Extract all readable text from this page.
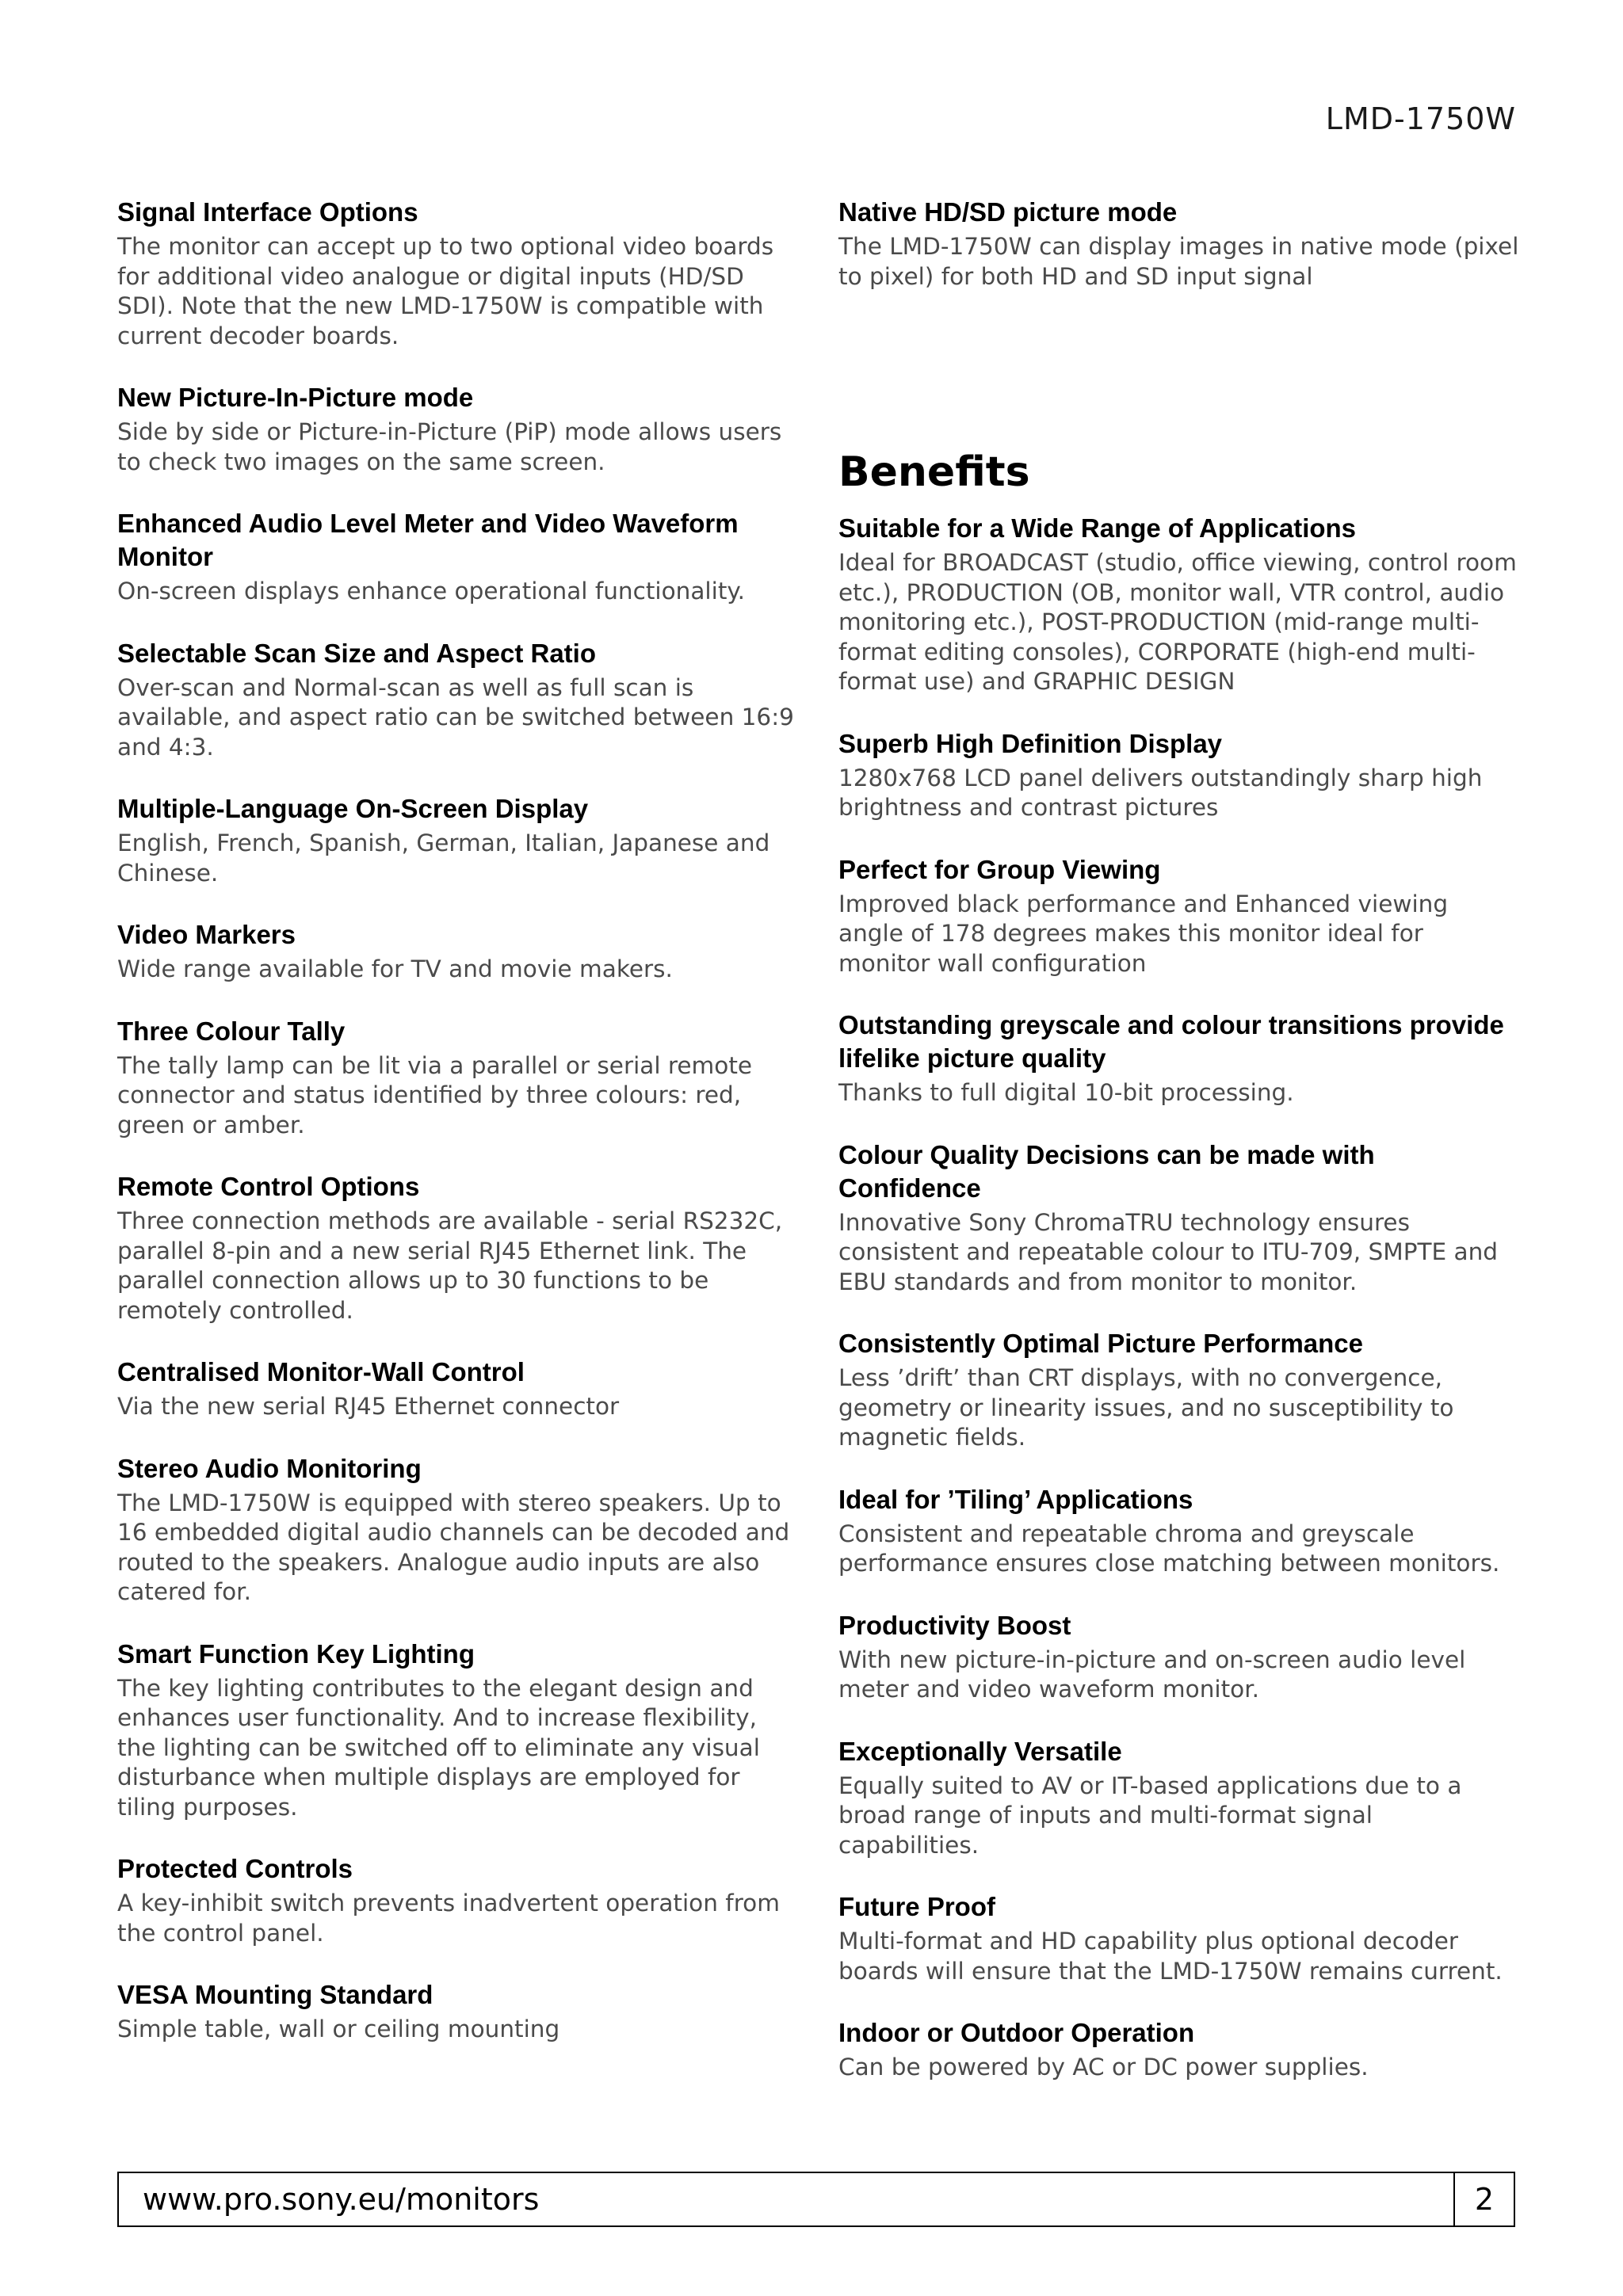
LMD-1750W

Signal Interface Options

The monitor can accept up to two optional video boards for additional video analogue or digital inputs (HD/SD SDI). Note that the new LMD-1750W is compatible with current decoder boards.

New Picture-In-Picture mode

Side by side or Picture-in-Picture (PiP) mode allows users to check two images on the same screen.

Enhanced Audio Level Meter and Video Waveform Monitor

On-screen displays enhance operational functionality.

Selectable Scan Size and Aspect Ratio

Over-scan and Normal-scan as well as full scan is available, and aspect ratio can be switched between 16:9 and 4:3.

Multiple-Language On-Screen Display

English, French, Spanish, German, Italian, Japanese and Chinese.

Video Markers

Wide range available for TV and movie makers.

Three Colour Tally

The tally lamp can be lit via a parallel or serial remote connector and status identified by three colours: red, green or amber.

Remote Control Options

Three connection methods are available - serial RS232C, parallel 8-pin and a new serial RJ45 Ethernet link. The parallel connection allows up to 30 functions to be remotely controlled.

Centralised Monitor-Wall Control

Via the new serial RJ45 Ethernet connector

Stereo Audio Monitoring

The LMD-1750W is equipped with stereo speakers. Up to 16 embedded digital audio channels can be decoded and routed to the speakers. Analogue audio inputs are also catered for.

Smart Function Key Lighting

The key lighting contributes to the elegant design and enhances user functionality. And to increase flexibility, the lighting can be switched off to eliminate any visual disturbance when multiple displays are employed for tiling purposes.

Protected Controls

A key-inhibit switch prevents inadvertent operation from the control panel.

VESA Mounting Standard

Simple table, wall or ceiling mounting

Native HD/SD picture mode

The LMD-1750W can display images in native mode (pixel to pixel) for both HD and SD input signal

Benefits

Suitable for a Wide Range of Applications

Ideal for BROADCAST (studio, office viewing, control room etc.), PRODUCTION (OB, monitor wall, VTR control, audio monitoring etc.), POST-PRODUCTION (mid-range multi-format editing consoles), CORPORATE (high-end multi-format use) and GRAPHIC DESIGN

Superb High Definition Display

1280x768 LCD panel delivers outstandingly sharp high brightness and contrast pictures

Perfect for Group Viewing

Improved black performance and Enhanced viewing angle of 178 degrees makes this monitor ideal for monitor wall configuration

Outstanding greyscale and colour transitions provide lifelike picture quality

Thanks to full digital 10-bit processing.

Colour Quality Decisions can be made with Confidence

Innovative Sony ChromaTRU technology ensures consistent and repeatable colour to ITU-709, SMPTE and EBU standards and from monitor to monitor.

Consistently Optimal Picture Performance

Less ’drift’ than CRT displays, with no convergence, geometry or linearity issues, and no susceptibility to magnetic fields.

Ideal for ’Tiling’ Applications

Consistent and repeatable chroma and greyscale performance ensures close matching between monitors.

Productivity Boost

With new picture-in-picture and on-screen audio level meter and video waveform monitor.

Exceptionally Versatile

Equally suited to AV or IT-based applications due to a broad range of inputs and multi-format signal capabilities.

Future Proof

Multi-format and HD capability plus optional decoder boards will ensure that the LMD-1750W remains current.

Indoor or Outdoor Operation

Can be powered by AC or DC power supplies.

www.pro.sony.eu/monitors	2
